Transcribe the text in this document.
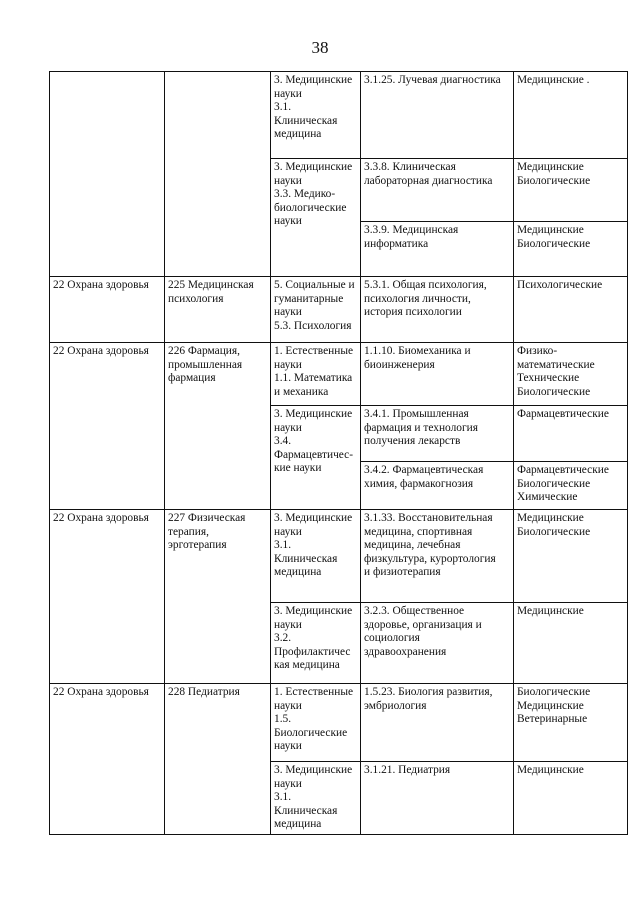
38

		3. Медицинские
науки
3.1.
Клиническая
медицина	3.1.25. Лучевая диагностика	Медицинские .

		3. Медицинские
науки
3.3. Медико-
биологические
науки	3.3.8. Клиническая
лабораторная диагностика	Медицинские
Биологические

			3.3.9. Медицинская
информатика	Медицинские
Биологические

22 Охрана здоровья	225 Медицинская
психология	5. Социальные и
гуманитарные
науки
5.3. Психология	5.3.1. Общая психология,
психология личности,
история психологии	Психологические

22 Охрана здоровья	226 Фармация,
промышленная
фармация	1. Естественные
науки
1.1. Математика
и механика	1.1.10. Биомеханика и
биоинженерия	Физико-
математические
Технические
Биологические

		3. Медицинские
науки
3.4.
Фармацевтичес-
кие науки	3.4.1. Промышленная
фармация и технология
получения лекарств	Фармацевтические

			3.4.2. Фармацевтическая
химия, фармакогнозия	Фармацевтические
Биологические
Химические

22 Охрана здоровья	227 Физическая
терапия,
эрготерапия	3. Медицинские
науки
3.1.
Клиническая
медицина	3.1.33. Восстановительная
медицина, спортивная
медицина, лечебная
физкультура, курортология
и физиотерапия	Медицинские
Биологические

		3. Медицинские
науки
3.2.
Профилактичес
кая медицина	3.2.3. Общественное
здоровье, организация и
социология
здравоохранения	Медицинские

22 Охрана здоровья	228 Педиатрия	1. Естественные
науки
1.5.
Биологические
науки	1.5.23. Биология развития,
эмбриология	Биологические
Медицинские
Ветеринарные

		3. Медицинские
науки
3.1.
Клиническая
медицина	3.1.21. Педиатрия	Медицинские
